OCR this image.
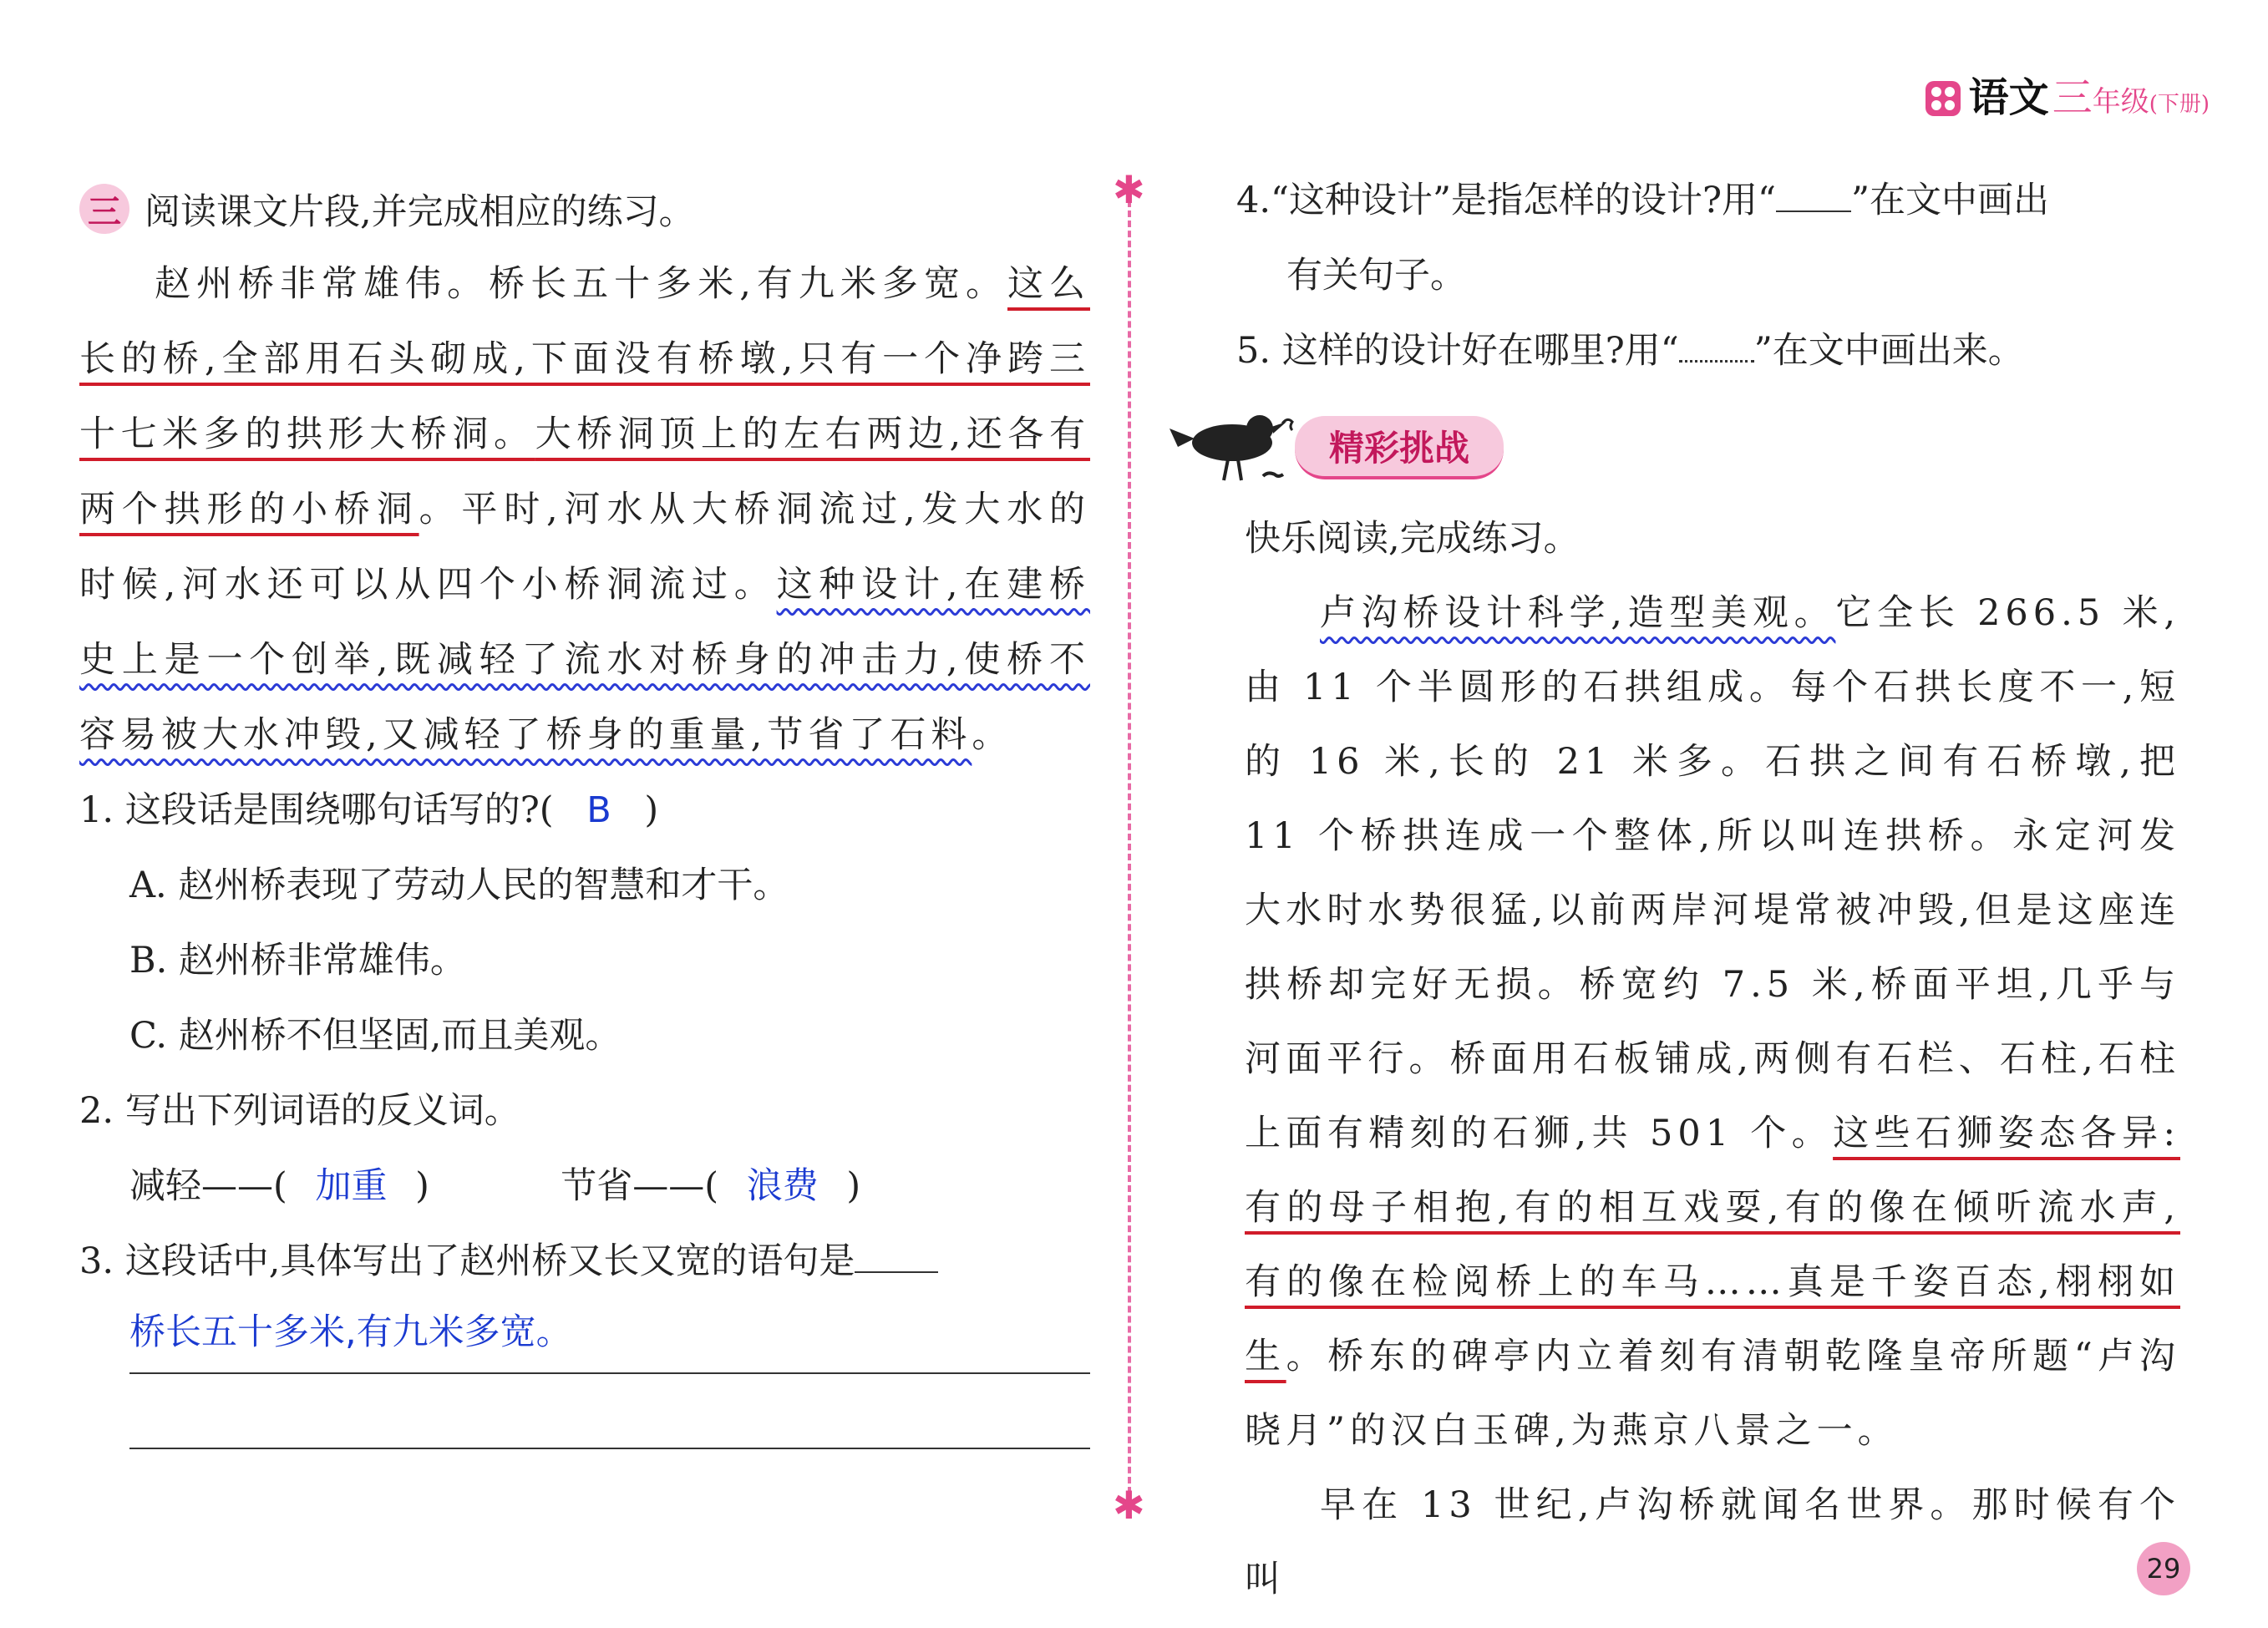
语文 三 年级 (下册)
✱
✱
三 阅读课文片段,并完成相应的练习。
赵州桥非常雄伟。桥长五十多米,有九米多宽。这么长的桥,全部用石头砌成,下面没有桥墩,只有一个净跨三十七米多的拱形大桥洞。大桥洞顶上的左右两边,还各有两个拱形的小桥洞。平时,河水从大桥洞流过,发大水的时候,河水还可以从四个小桥洞流过。这种设计,在建桥史上是一个创举,既减轻了流水对桥身的冲击力,使桥不容易被大水冲毁,又减轻了桥身的重量,节省了石料。
1. 这段话是围绕哪句话写的?( B )
A. 赵州桥表现了劳动人民的智慧和才干。
B. 赵州桥非常雄伟。
C. 赵州桥不但坚固,而且美观。
2. 写出下列词语的反义词。
减轻——( 加重 )	节省——( 浪费 )
3. 这段话中,具体写出了赵州桥又长又宽的语句是
桥长五十多米,有九米多宽。
4.“这种设计”是指怎样的设计?用“ ”在文中画出
有关句子。
5. 这样的设计好在哪里?用“ ”在文中画出来。
精彩挑战
快乐阅读,完成练习。
卢沟桥设计科学,造型美观。它全长 266.5 米,由 11 个半圆形的石拱组成。每个石拱长度不一,短的 16 米,长的 21 米多。石拱之间有石桥墩,把 11 个桥拱连成一个整体,所以叫连拱桥。永定河发大水时水势很猛,以前两岸河堤常被冲毁,但是这座连拱桥却完好无损。桥宽约 7.5 米,桥面平坦,几乎与河面平行。桥面用石板铺成,两侧有石栏、石柱,石柱上面有精刻的石狮,共 501 个。这些石狮姿态各异:有的母子相抱,有的相互戏耍,有的像在倾听流水声,有的像在检阅桥上的车马……真是千姿百态,栩栩如生。桥东的碑亭内立着刻有清朝乾隆皇帝所题“卢沟晓月”的汉白玉碑,为燕京八景之一。
早在 13 世纪,卢沟桥就闻名世界。那时候有个叫	29
